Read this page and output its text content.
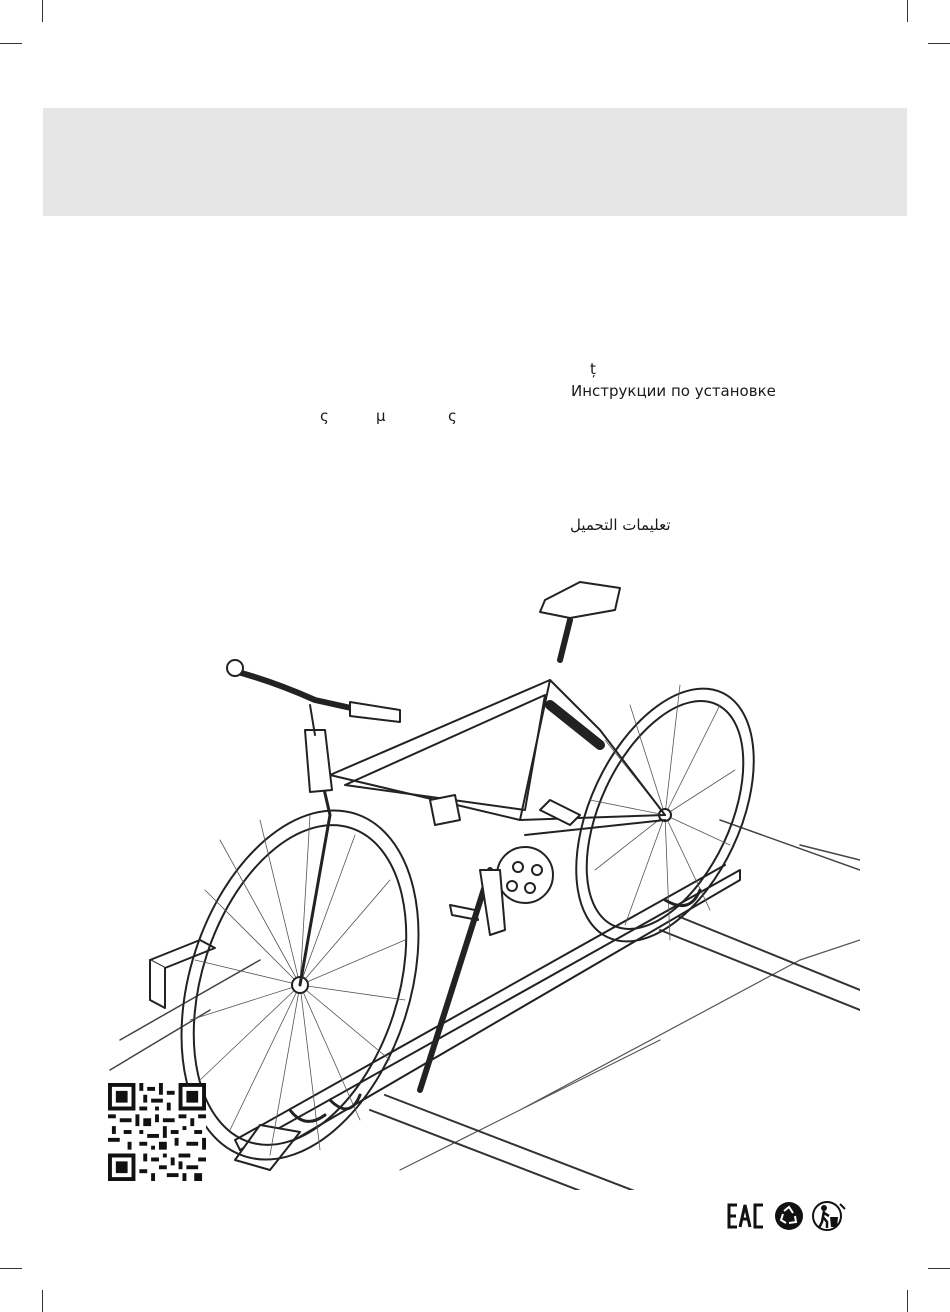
ț
Инструкции по установке
ς	μ	ς
تعليمات التحميل
